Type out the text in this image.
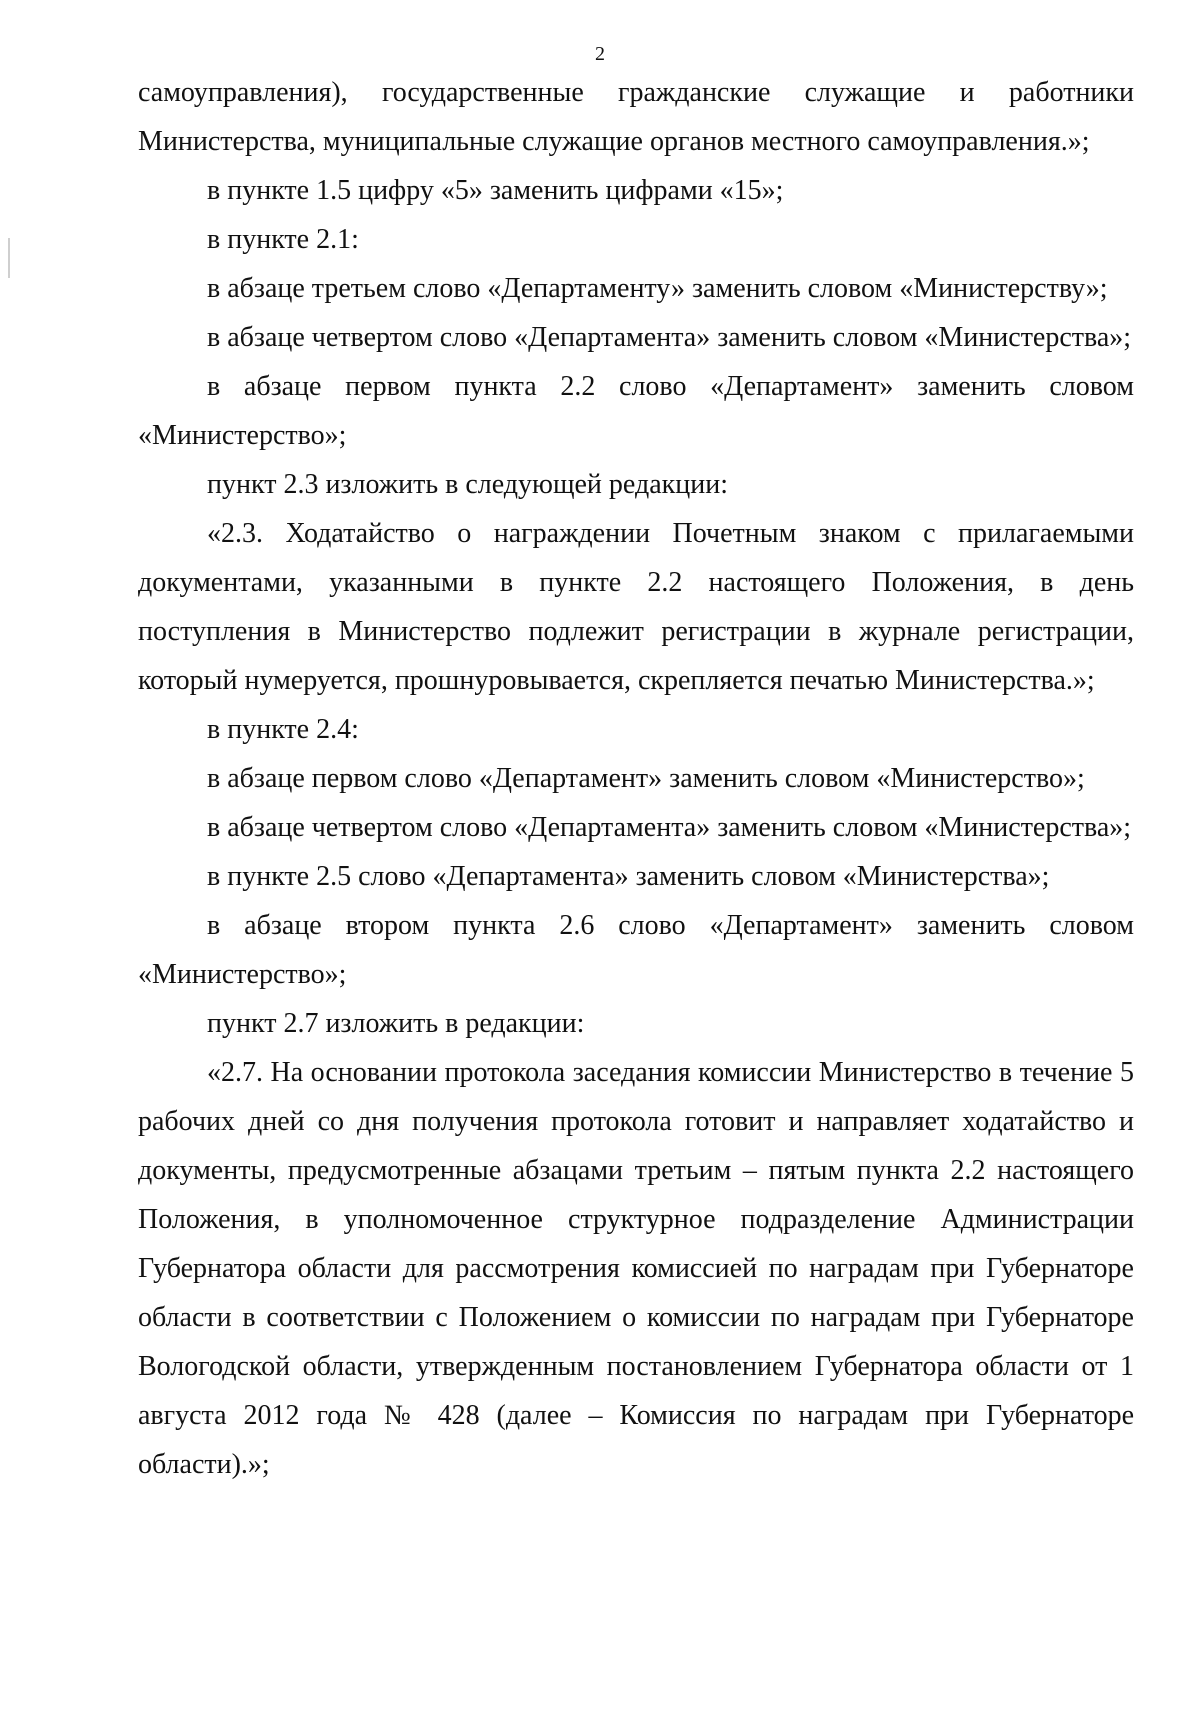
2

самоуправления), государственные гражданские служащие и работники Министерства, муниципальные служащие органов местного самоуправления.»;

в пункте 1.5 цифру «5» заменить цифрами «15»;

в пункте 2.1:

в абзаце третьем слово «Департаменту» заменить словом «Министерству»;

в абзаце четвертом слово «Департамента» заменить словом «Министерства»;

в абзаце первом пункта 2.2 слово «Департамент» заменить словом «Министерство»;

пункт 2.3 изложить в следующей редакции:

«2.3. Ходатайство о награждении Почетным знаком с прилагаемыми документами, указанными в пункте 2.2 настоящего Положения, в день поступления в Министерство подлежит регистрации в журнале регистрации, который нумеруется, прошнуровывается, скрепляется печатью Министерства.»;

в пункте 2.4:

в абзаце первом слово «Департамент» заменить словом «Министерство»;

в абзаце четвертом слово «Департамента» заменить словом «Министерства»;

в пункте 2.5 слово «Департамента» заменить словом «Министерства»;

в абзаце втором пункта 2.6 слово «Департамент» заменить словом «Министерство»;

пункт 2.7 изложить в редакции:

«2.7. На основании протокола заседания комиссии Министерство в течение 5 рабочих дней со дня получения протокола готовит и направляет ходатайство и документы, предусмотренные абзацами третьим – пятым пункта 2.2 настоящего Положения, в уполномоченное структурное подразделение Администрации Губернатора области для рассмотрения комиссией по наградам при Губернаторе области в соответствии с Положением о комиссии по наградам при Губернаторе Вологодской области, утвержденным постановлением Губернатора области от 1 августа 2012 года № 428 (далее – Комиссия по наградам при Губернаторе области).»;
